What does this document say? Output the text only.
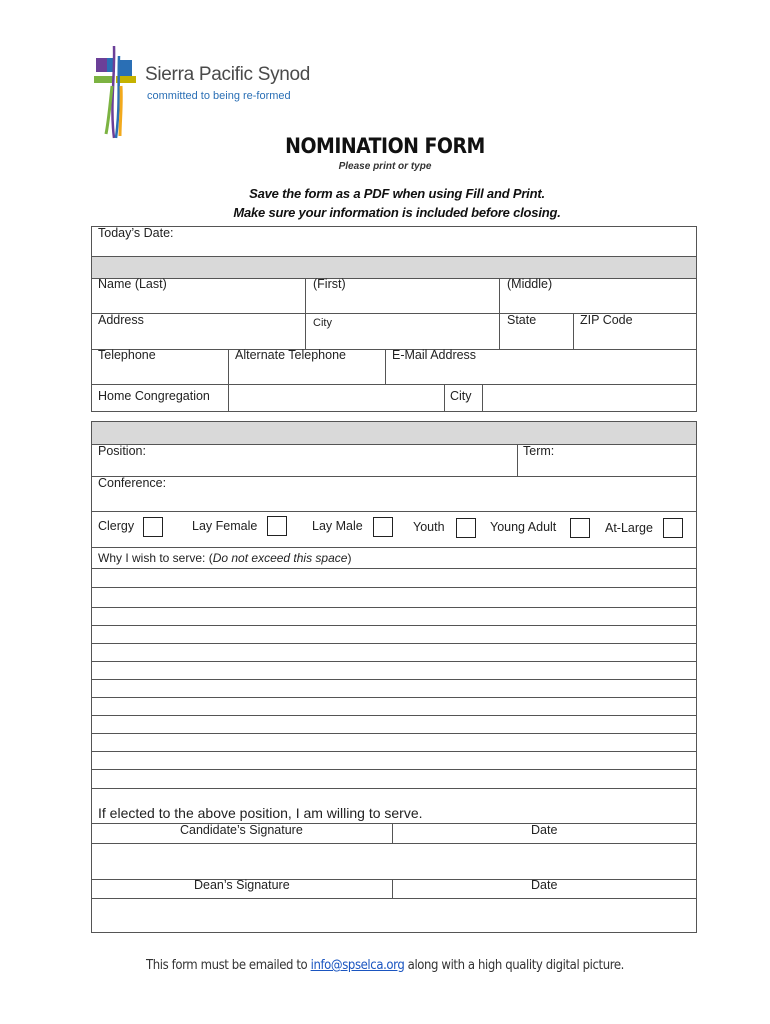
Sierra Pacific Synod
committed to being re-formed
NOMINATION FORM
Please print or type
Save the form as a PDF when using Fill and Print.
Make sure your information is included before closing.
Today’s Date:
Name (Last)	(First)	(Middle)
Address	City	State	ZIP Code
Telephone	Alternate Telephone	E-Mail Address
Home Congregation	City
Position:	Term:
Conference:
Clergy	Lay Female	Lay Male	Youth	Young Adult	At-Large
Why I wish to serve: (Do not exceed this space)
If elected to the above position, I am willing to serve.
Candidate’s Signature	Date
Dean’s Signature	Date
This form must be emailed to info@spselca.org along with a high quality digital picture.
